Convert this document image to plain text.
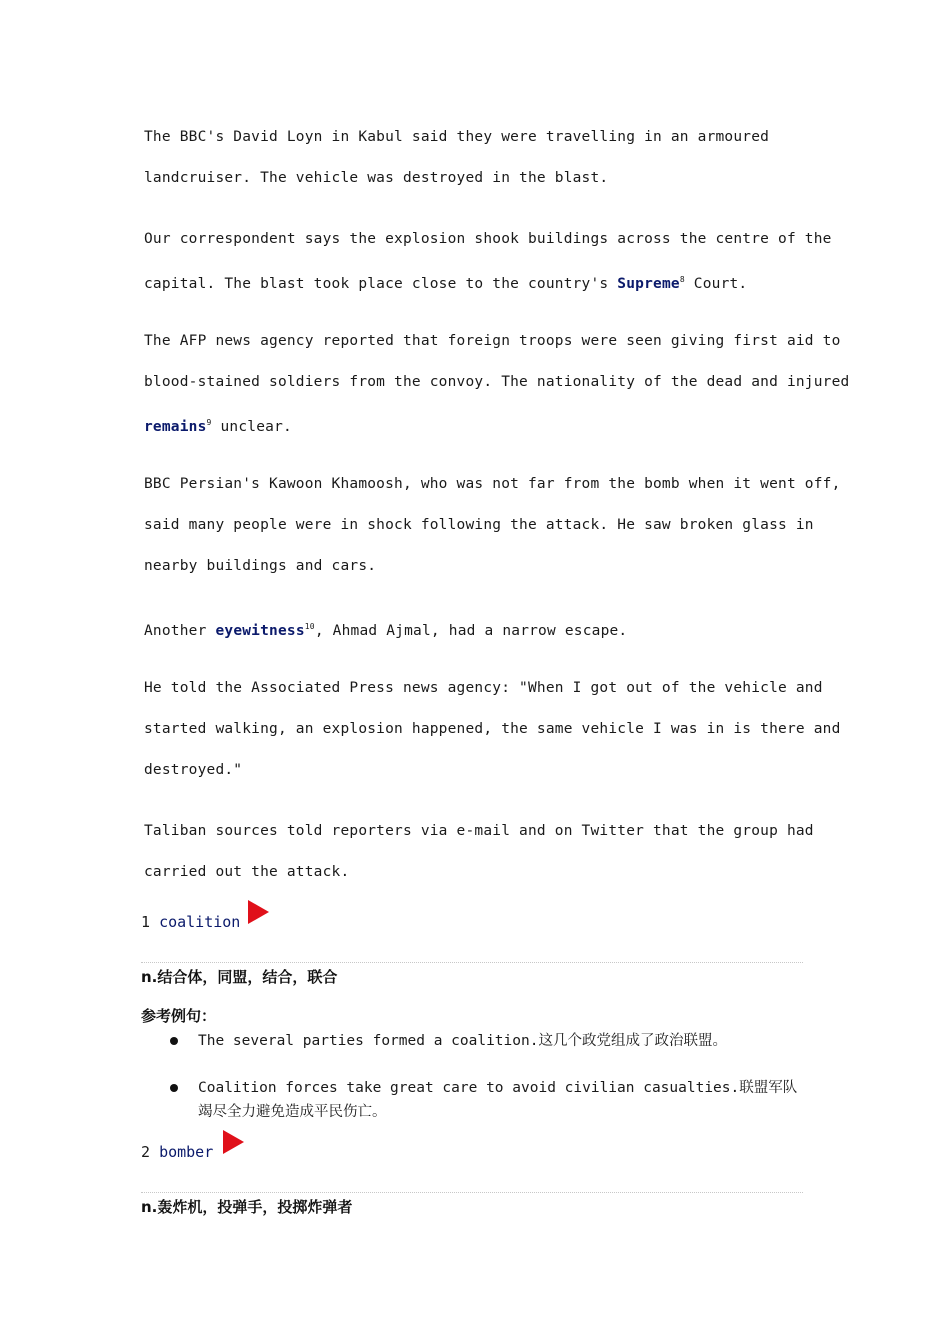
The BBC's David Loyn in Kabul said they were travelling in an armoured
landcruiser. The vehicle was destroyed in the blast.
Our correspondent says the explosion shook buildings across the centre of the
capital. The blast took place close to the country's Supreme$^8$ Court.
The AFP news agency reported that foreign troops were seen giving first aid to
blood-stained soldiers from the convoy. The nationality of the dead and injured
remains$^9$ unclear.
BBC Persian's Kawoon Khamoosh, who was not far from the bomb when it went off,
said many people were in shock following the attack. He saw broken glass in
nearby buildings and cars.
Another eyewitness$^{10}$, Ahmad Ajmal, had a narrow escape.
He told the Associated Press news agency: "When I got out of the vehicle and
started walking, an explosion happened, the same vehicle I was in is there and
destroyed."
Taliban sources told reporters via e-mail and on Twitter that the group had
carried out the attack.
1 coalition
n.结合体，同盟，结合，联合
参考例句：
The several parties formed a coalition.这几个政党组成了政治联盟。
Coalition forces take great care to avoid civilian casualties.联盟军队竭尽全力避免造成平民伤亡。
2 bomber
n.轰炸机，投弹手，投掷炸弹者
